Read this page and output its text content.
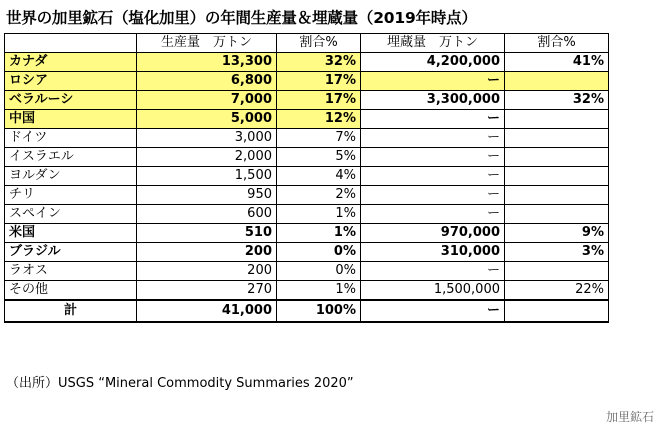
世界の加里鉱石（塩化加里）の年間生産量＆埋蔵量（2019年時点）
	生産量　万トン	割合%	埋蔵量　万トン	割合%
カナダ	13,300	32%	4,200,000	41%
ロシア	6,800	17%	ー	
ベラルーシ	7,000	17%	3,300,000	32%
中国	5,000	12%	ー	
ドイツ	3,000	7%	ー	
イスラエル	2,000	5%	ー	
ヨルダン	1,500	4%	ー	
チリ	950	2%	ー	
スペイン	600	1%	ー	
米国	510	1%	970,000	9%
ブラジル	200	0%	310,000	3%
ラオス	200	0%	ー	
その他	270	1%	1,500,000	22%
計	41,000	100%	ー	
（出所）USGS “Mineral Commodity Summaries 2020”
加里鉱石
